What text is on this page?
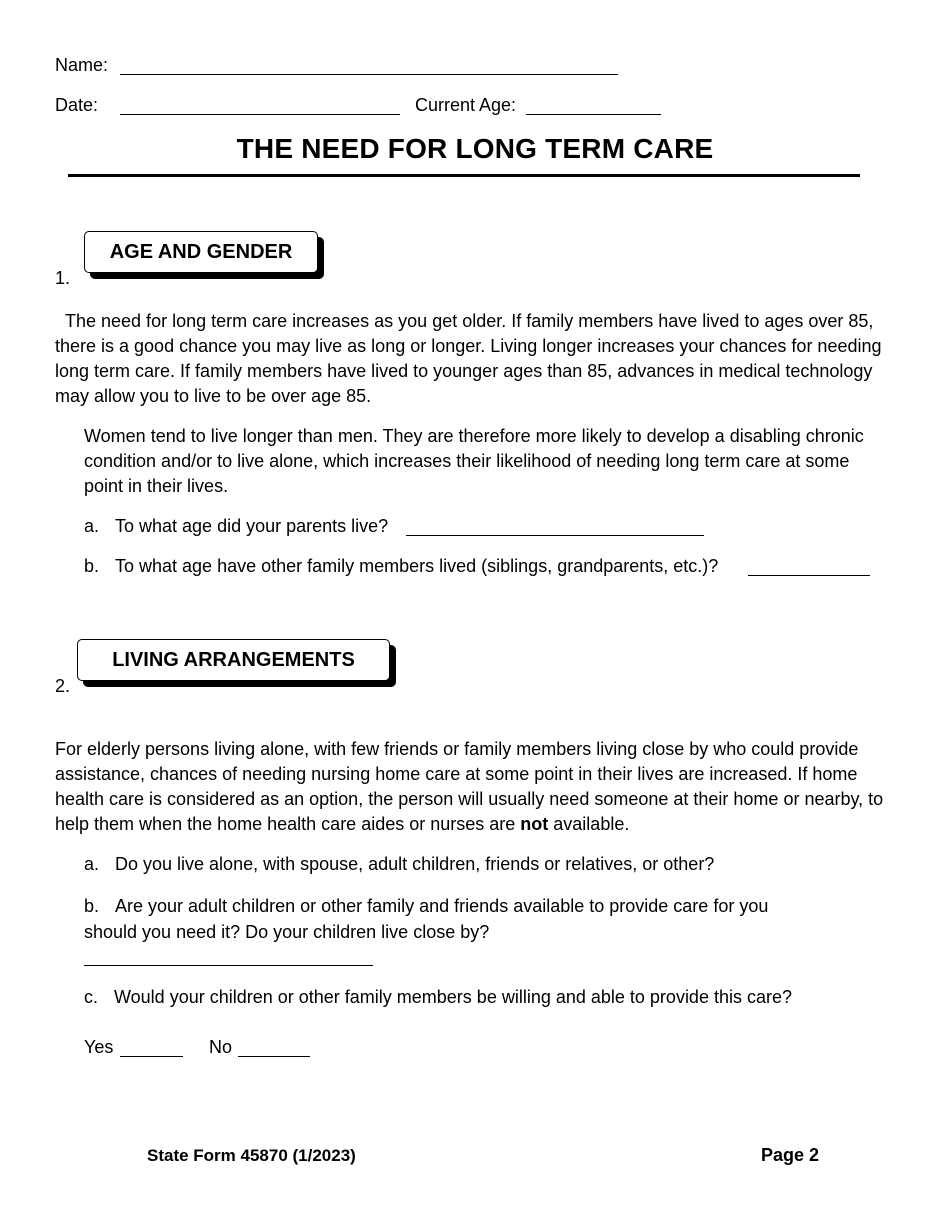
Name:
Date:	Current Age:
THE NEED FOR LONG TERM CARE
AGE AND GENDER
1.
The need for long term care increases as you get older. If family members have lived to ages over 85, there is a good chance you may live as long or longer. Living longer increases your chances for needing long term care. If family members have lived to younger ages than 85, advances in medical technology may allow you to live to be over age 85.
Women tend to live longer than men. They are therefore more likely to develop a disabling chronic condition and/or to live alone, which increases their likelihood of needing long term care at some point in their lives.
a. To what age did your parents live?
b. To what age have other family members lived (siblings, grandparents, etc.)?
LIVING ARRANGEMENTS
2.
For elderly persons living alone, with few friends or family members living close by who could provide assistance, chances of needing nursing home care at some point in their lives are increased. If home health care is considered as an option, the person will usually need someone at their home or nearby, to help them when the home health care aides or nurses are not available.
a. Do you live alone, with spouse, adult children, friends or relatives, or other?
b. Are your adult children or other family and friends available to provide care for you
should you need it? Do your children live close by?
c. Would your children or other family members be willing and able to provide this care?
Yes	No
State Form 45870 (1/2023)	Page 2
